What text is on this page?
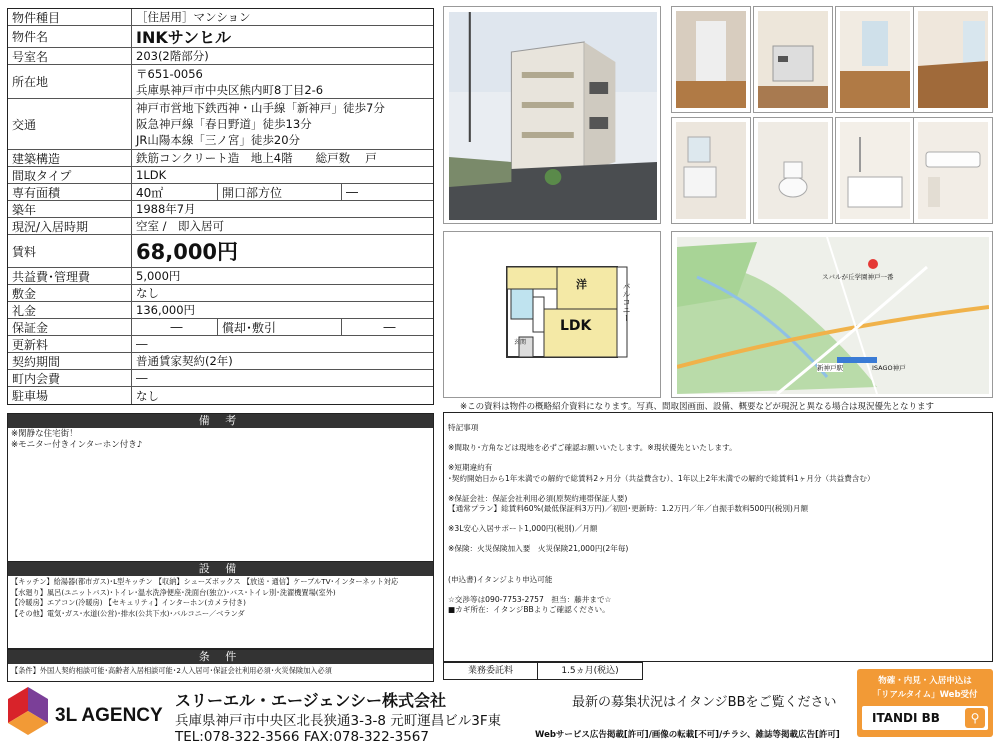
物件種目	［住居用］マンション
物件名	INKサンヒル
号室名	203(2階部分)
所在地
〒651-0056
兵庫県神戸市中央区熊内町8丁目2-6
交通
神戸市営地下鉄西神・山手線「新神戸」徒歩7分
阪急神戸線「春日野道」徒歩13分
JR山陽本線「三ノ宮」徒歩20分
建築構造	鉄筋コンクリート造　地上4階　　総戸数　 戸
間取タイプ	1LDK
専有面積	40㎡	開口部方位	―
築年	1988年7月
現況/入居時期	空室 /　即入居可
賃料	68,000円
共益費･管理費	5,000円
敷金	なし
礼金	136,000円
保証金	―	償却･敷引	―
更新料	―
契約期間	普通賃家契約(2年)
町内会費	―
駐車場	なし
備 考
※閑静な住宅街！
※モニター付きインターホン付き♪
設 備
【キッチン】給湯器(都市ガス)･L型キッチン 【収納】シューズボックス 【放送・通信】ケーブルTV･インターネット対応
【水廻り】風呂(ユニットバス)･トイレ･温水洗浄便座･洗面台(独立)･バス･トイレ別･洗濯機置場(室外)
【冷暖房】エアコン(冷暖房) 【セキュリティ】インターホン(カメラ付き)
【その他】電気･ガス･水道(公営)･排水(公共下水)･バルコニー／ベランダ
条 件
【条件】外国人契約相談可能･高齢者入居相談可能･2人入居可･保証会社利用必須･火災保険加入必須
洋
LDK
バルコニー
玄関
スバルが丘学園神戸一番
新神戸駅	ISAGO神戸
※この資料は物件の概略紹介資料になります。写真、間取図画面、設備、概要などが現況と異なる場合は現況優先となります
特記事項
※間取り･方角などは現地を必ずご確認お願いいたします。※現状優先といたします。
※短期違約有
･契約開始日から1年未満での解約で総賃料2ヶ月分（共益費含む）、1年以上2年未満での解約で総賃料1ヶ月分（共益費含む）
※保証会社：保証会社利用必須(原契約連帯保証人要)
【通常プラン】総賃料60%(最低保証料3万円)／初回･更新時：1.2万円／年／自振手数料500円(税別)月額
※3L安心入居サポート1,000円(税別)／月額
※保険：火災保険加入要　火災保険21,000円(2年毎)
(申込書)イタンジより申込可能
☆交渉等は090-7753-2757　担当：藤井まで☆
■カギ所在：イタンジBBよりご確認ください。
業務委託料	1.5ヵ月(税込)
3L AGENCY
スリーエル・エージェンシー株式会社
兵庫県神戸市中央区北長狭通3-3-8 元町運昌ビル3F東
TEL:078-322-3566 FAX:078-322-3567
最新の募集状況はイタンジBBをご覧ください
Webサービス広告掲載[許可]/画像の転載[不可]/チラシ、雑誌等掲載広告[許可]
物確・内見・入居申込は
「リアルタイム」Web受付
ITANDI BB	⚲
